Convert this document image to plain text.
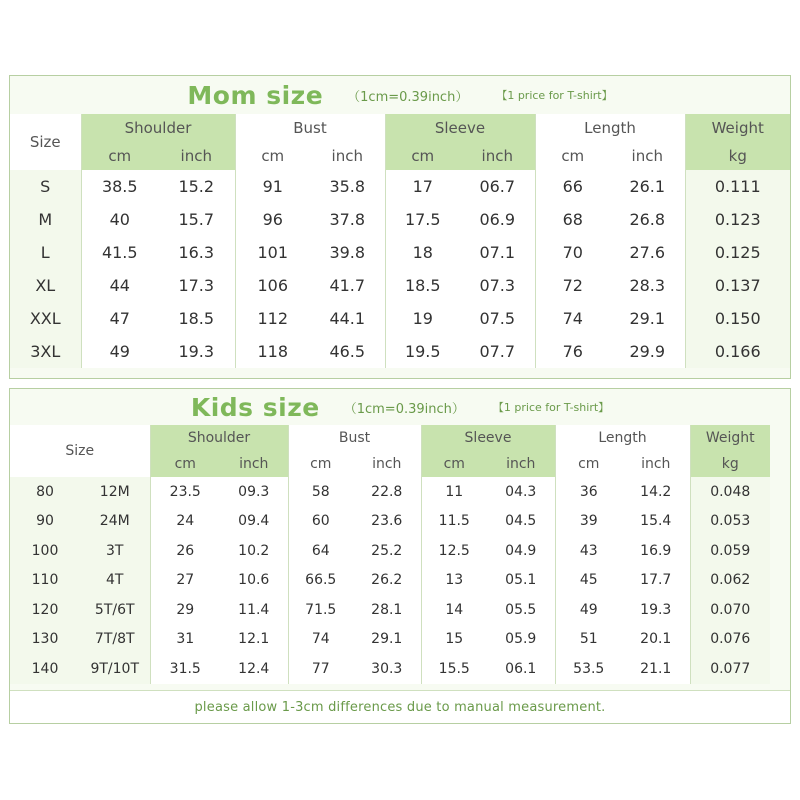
Mom size （1cm=0.39inch）	【1 price for T-shirt】
Size	Shoulder		Bust		Sleeve		Length		Weight
	cm	inch	cm	inch	cm	inch	cm	inch	kg
S	38.5	15.2	91	35.8	17	06.7	66	26.1	0.111
M	40	15.7	96	37.8	17.5	06.9	68	26.8	0.123
L	41.5	16.3	101	39.8	18	07.1	70	27.6	0.125
XL	44	17.3	106	41.7	18.5	07.3	72	28.3	0.137
XXL	47	18.5	112	44.1	19	07.5	74	29.1	0.150
3XL	49	19.3	118	46.5	19.5	07.7	76	29.9	0.166
Kids size （1cm=0.39inch）	【1 price for T-shirt】
Size		Shoulder		Bust		Sleeve		Length		Weight
		cm	inch	cm	inch	cm	inch	cm	inch	kg
80	12M	23.5	09.3	58	22.8	11	04.3	36	14.2	0.048
90	24M	24	09.4	60	23.6	11.5	04.5	39	15.4	0.053
100	3T	26	10.2	64	25.2	12.5	04.9	43	16.9	0.059
110	4T	27	10.6	66.5	26.2	13	05.1	45	17.7	0.062
120	5T/6T	29	11.4	71.5	28.1	14	05.5	49	19.3	0.070
130	7T/8T	31	12.1	74	29.1	15	05.9	51	20.1	0.076
140	9T/10T	31.5	12.4	77	30.3	15.5	06.1	53.5	21.1	0.077
please allow 1-3cm differences due to manual measurement.
